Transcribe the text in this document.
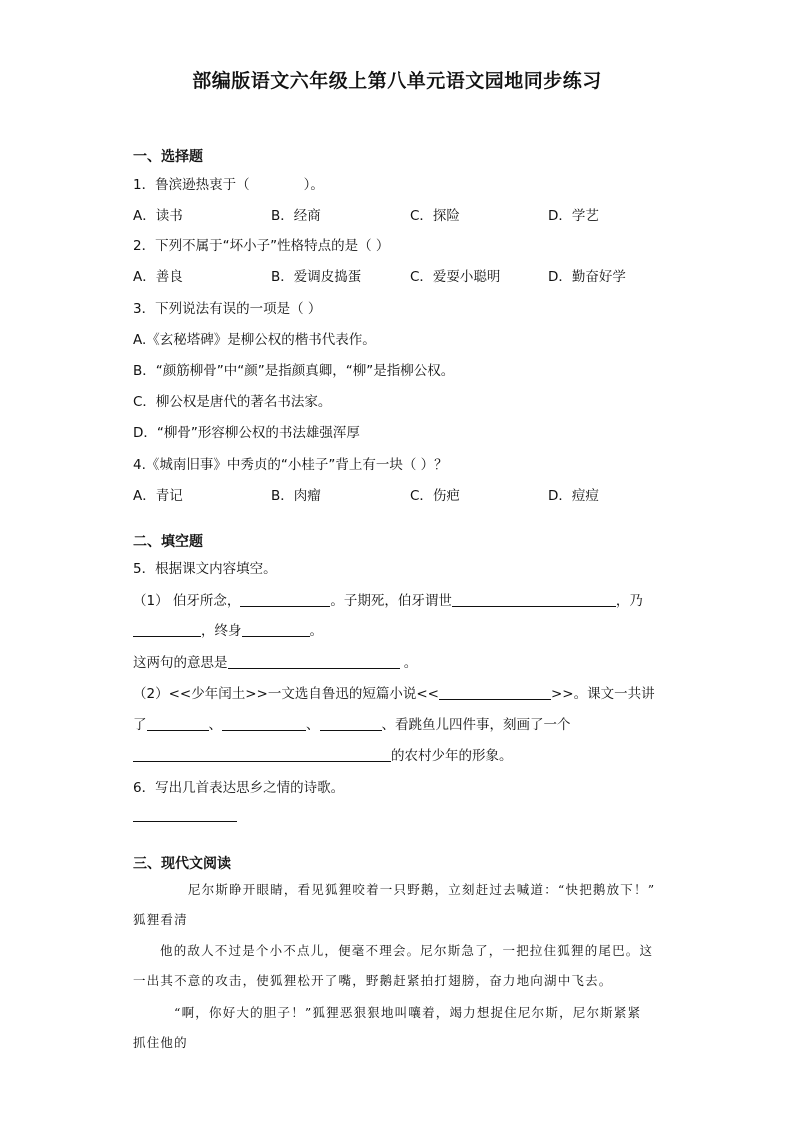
部编版语文六年级上第八单元语文园地同步练习
一、选择题
1．鲁滨逊热衷于（	）。
A．读书	B．经商	C．探险	D．学艺
2．下列不属于“坏小子”性格特点的是（ ）
A．善良	B．爱调皮捣蛋	C．爱耍小聪明	D．勤奋好学
3．下列说法有误的一项是（ ）
A.《玄秘塔碑》是柳公权的楷书代表作。
B．“颜筋柳骨”中“颜”是指颜真卿，“柳”是指柳公权。
C．柳公权是唐代的著名书法家。
D．“柳骨”形容柳公权的书法雄强浑厚
4.《城南旧事》中秀贞的“小桂子”背上有一块（ ）？
A．青记	B．肉瘤	C．伤疤	D．痘痘
二、填空题
5．根据课文内容填空。
（1） 伯牙所念，	。子期死，伯牙谓世	，乃
，终身	。
这两句的意思是	。
（2）<<少年闰土>>一文选自鲁迅的短篇小说<<	>>。课文一共讲
了	、	、	、看跳鱼儿四件事，刻画了一个
的农村少年的形象。
6．写出几首表达思乡之情的诗歌。
三、现代文阅读
尼尔斯睁开眼睛，看见狐狸咬着一只野鹅，立刻赶过去喊道：“快把鹅放下！”
狐狸看清
他的敌人不过是个小不点儿，便毫不理会。尼尔斯急了，一把拉住狐狸的尾巴。这
一出其不意的攻击，使狐狸松开了嘴，野鹅赶紧拍打翅膀，奋力地向湖中飞去。
“啊，你好大的胆子！”狐狸恶狠狠地叫嚷着，竭力想捉住尼尔斯，尼尔斯紧紧
抓住他的
